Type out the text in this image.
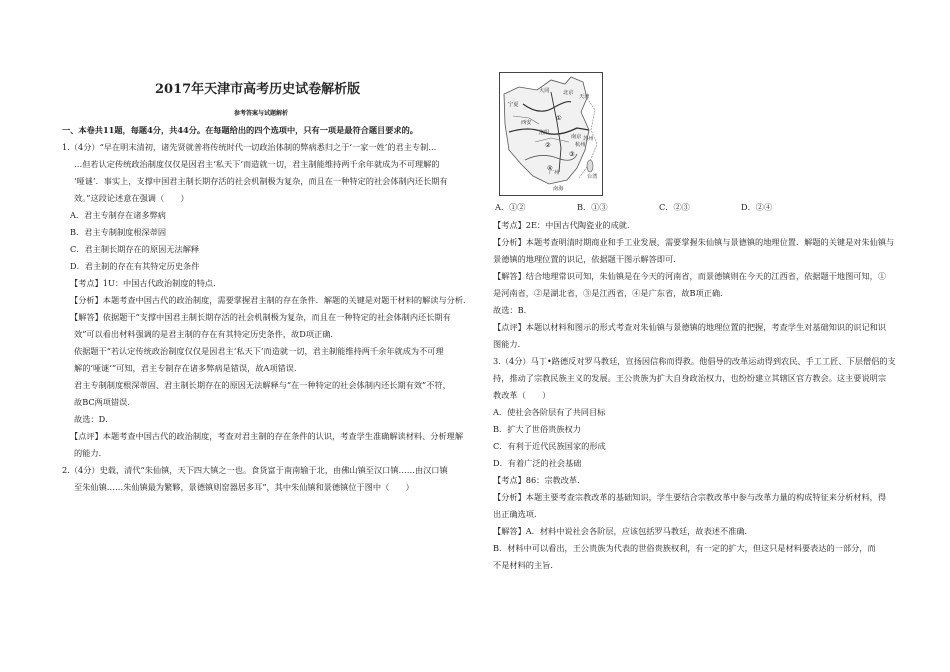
2017年天津市高考历史试卷解析版
参考答案与试题解析

一、本卷共11题，每题4分，共44分。在每题给出的四个选项中，只有一项是最符合题目要求的。

1.（4分）“早在明末清初，诸先贤就普将传统时代一切政治体制的弊病悉归之于‘一家一姓’的君主专制…

…但若认定传统政治制度仅仅是因君主‘私天下’而造就一切，君主制能维持两千余年就成为不可理解的

‘哑谜’．事实上，支撑中国君主制长期存活的社会机制极为复杂，而且在一种特定的社会体制内还长期有

效。”这段论述意在强调（　　）

A．君主专制存在诸多弊病

B．君主专制制度根深蒂固

C．君主制长期存在的原因无法解释

D．君主制的存在有其特定历史条件

【考点】1U：中国古代政治制度的特点．

【分析】本题考查中国古代的政治制度，需要掌握君主制的存在条件．解题的关键是对题干材料的解读与分析．

【解答】依据题干“支撑中国君主制长期存活的社会机制极为复杂，而且在一种特定的社会体制内还长期有

效”可以看出材料强调的是君主制的存在有其特定历史条件，故D项正确．

依据题干“若认定传统政治制度仅仅是因君主‘私天下’而造就一切，君主制能维持两千余年就成为不可理

解的‘哑谜’”可知，君主专制存在诸多弊病是错误，故A项错误．

君主专制制度根深蒂固、君主制长期存在的原因无法解释与“在一种特定的社会体制内还长期有效”不符，

故BC两项错误．

故选：D．

【点评】本题考查中国古代的政治制度，考查对君主制的存在条件的认识，考查学生准确解读材料、分析理解

的能力．

2.（4分）史载，清代“朱仙镇，天下四大镇之一也。食货富于南南输于北，由佛山镇至汉口镇……由汉口镇

至朱仙镇……朱仙镇最为繁夥，景德镇则窑器居多耳”，其中朱仙镇和景德镇位于图中（　　）

宁夏
大同	北京
天津
西安
洛阳
杭州
南京 苏州
台湾
广州
南海
①
②
③
④
A．①②	B．①③	C．②③	D．②④

【考点】2E：中国古代陶瓷业的成就．

【分析】本题考查明清时期商业和手工业发展，需要掌握朱仙镇与景德镇的地理位置．解题的关键是对朱仙镇与

景德镇的地理位置的识记，依据题干图示解答即可．

【解答】结合地理常识可知，朱仙镇是在今天的河南省，而景德镇则在今天的江西省，依据题干地图可知，①

是河南省，②是湖北省，③是江西省，④是广东省，故B项正确．

故选：B．

【点评】本题以材料和图示的形式考查对朱仙镇与景德镇的地理位置的把握，考查学生对基础知识的识记和识

图能力．

3.（4分）马丁•路德反对罗马教廷，宣扬因信称而得救。他倡导的改革运动得到农民、手工工匠、下层僧侣的支

持，推动了宗教民族主义的发展。王公贵族为扩大自身政治权力，也纷纷建立其辖区官方教会。这主要说明宗

教改革（　　）

A．使社会各阶层有了共同目标

B．扩大了世俗贵族权力

C．有利于近代民族国家的形成

D．有着广泛的社会基础

【考点】86：宗教改革．

【分析】本题主要考查宗教改革的基础知识，学生要结合宗教改革中参与改革力量的构成特征来分析材料，得

出正确选项．

【解答】A．材料中说社会各阶层，应该包括罗马教廷，故表述不准确．

B．材料中可以看出，王公贵族为代表的世俗贵族权利，有一定的扩大，但这只是材料要表达的一部分，而

不是材料的主旨．
